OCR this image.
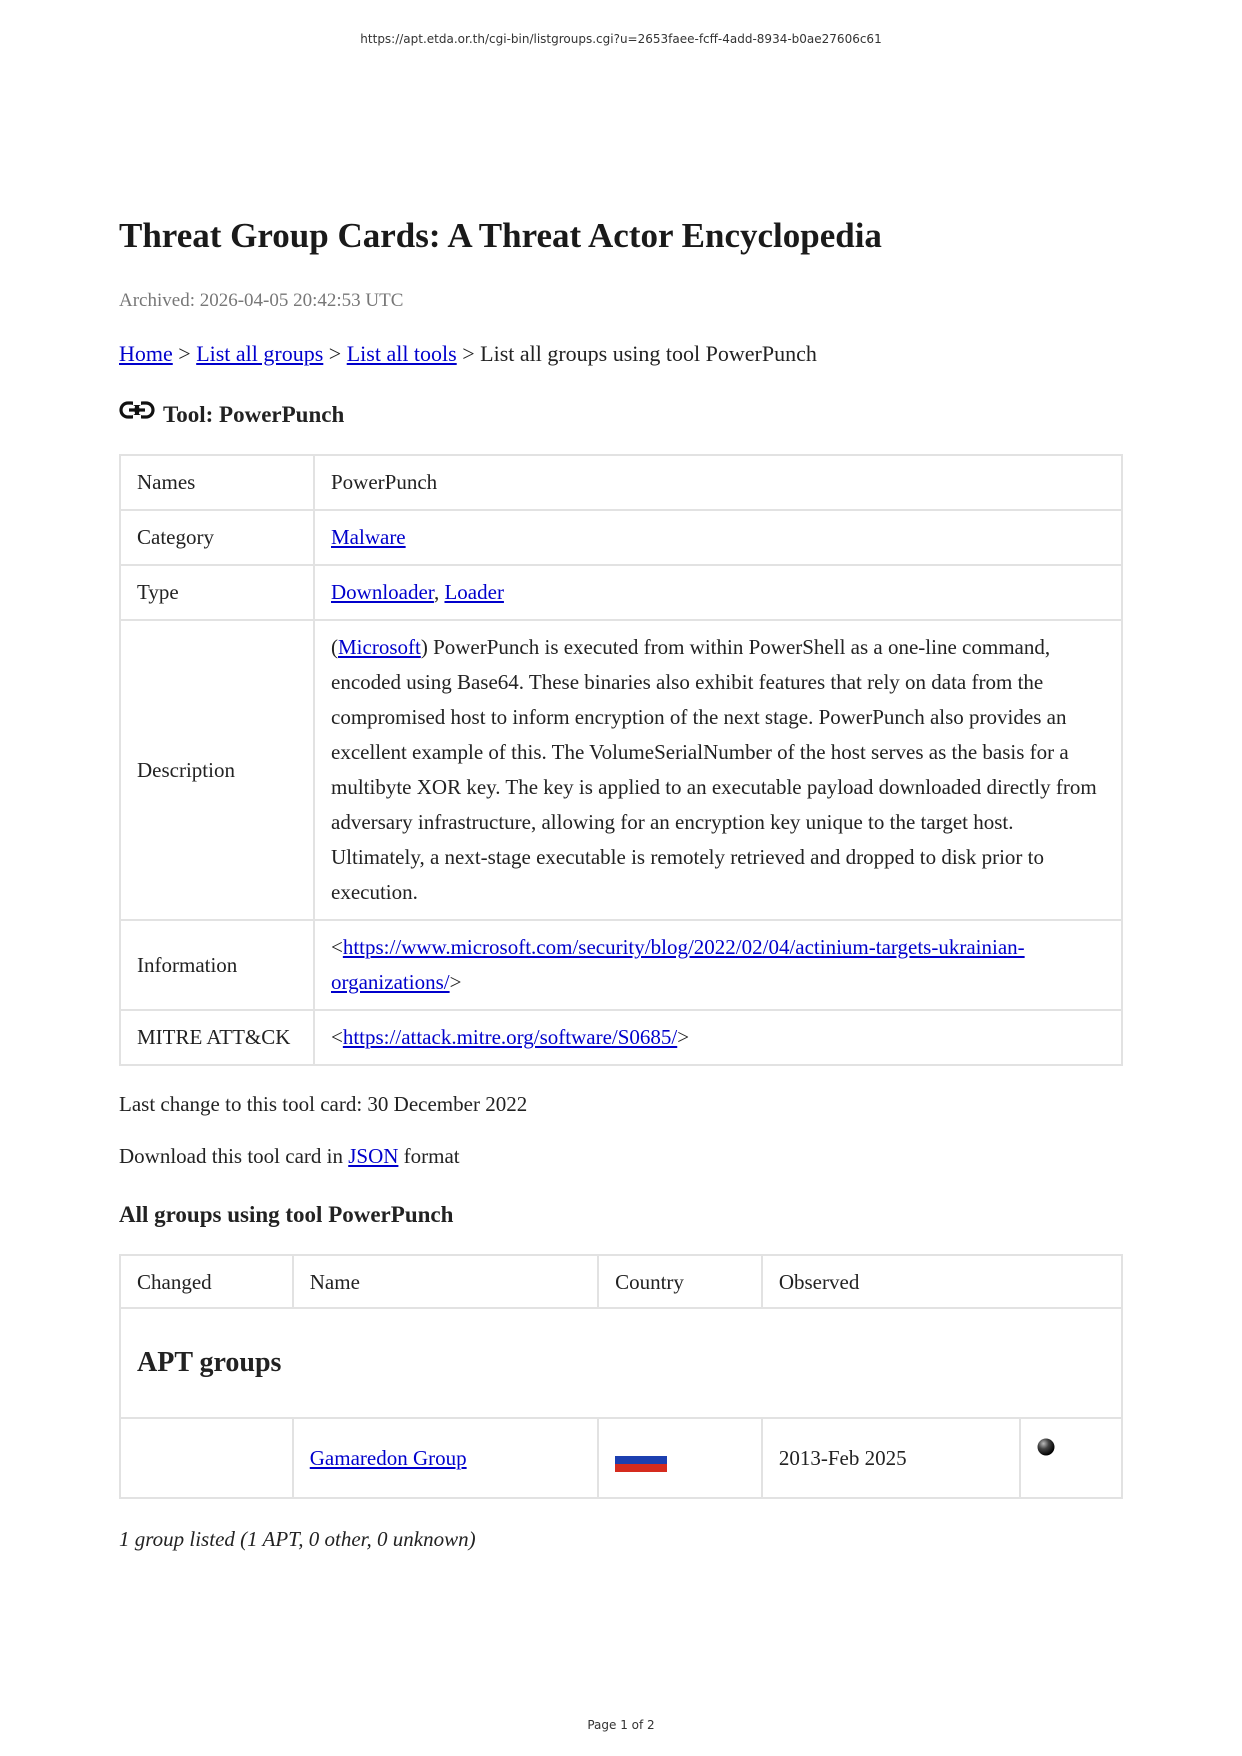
https://apt.etda.or.th/cgi-bin/listgroups.cgi?u=2653faee-fcff-4add-8934-b0ae27606c61
Threat Group Cards: A Threat Actor Encyclopedia
Archived: 2026-04-05 20:42:53 UTC
Home > List all groups > List all tools > List all groups using tool PowerPunch
Tool: PowerPunch
Names	PowerPunch
Category	Malware
Type	Downloader, Loader
Description	(Microsoft) PowerPunch is executed from within PowerShell as a one-line command, encoded using Base64. These binaries also exhibit features that rely on data from the compromised host to inform encryption of the next stage. PowerPunch also provides an excellent example of this. The VolumeSerialNumber of the host serves as the basis for a multibyte XOR key. The key is applied to an executable payload downloaded directly from adversary infrastructure, allowing for an encryption key unique to the target host. Ultimately, a next-stage executable is remotely retrieved and dropped to disk prior to execution.
Information	<https://www.microsoft.com/security/blog/2022/02/04/actinium-targets-ukrainian-organizations/>
MITRE ATT&CK	<https://attack.mitre.org/software/S0685/>
Last change to this tool card: 30 December 2022
Download this tool card in JSON format
All groups using tool PowerPunch
Changed	Name	Country	Observed	
APT groups				
	Gamaredon Group		2013-Feb 2025	
1 group listed (1 APT, 0 other, 0 unknown)
Page 1 of 2
